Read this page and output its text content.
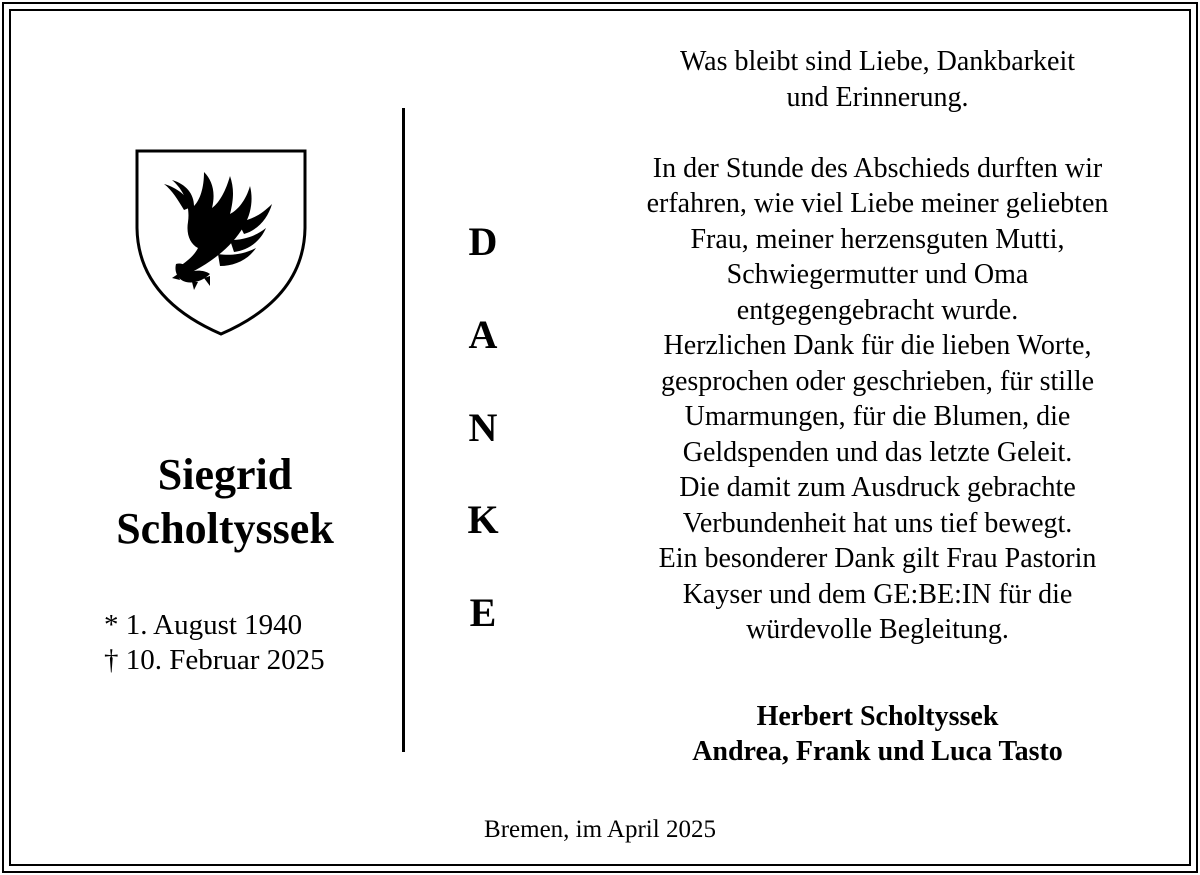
Siegrid
Scholtyssek
* 1. August 1940
† 10. Februar 2025
D
A
N
K
E
Was bleibt sind Liebe, Dankbarkeit
und Erinnerung.
In der Stunde des Abschieds durften wir
erfahren, wie viel Liebe meiner geliebten
Frau, meiner herzensguten Mutti,
Schwiegermutter und Oma
entgegengebracht wurde.
Herzlichen Dank für die lieben Worte,
gesprochen oder geschrieben, für stille
Umarmungen, für die Blumen, die
Geldspenden und das letzte Geleit.
Die damit zum Ausdruck gebrachte
Verbundenheit hat uns tief bewegt.
Ein besonderer Dank gilt Frau Pastorin
Kayser und dem GE:BE:IN für die
würdevolle Begleitung.
Herbert Scholtyssek
Andrea, Frank und Luca Tasto
Bremen, im April 2025
